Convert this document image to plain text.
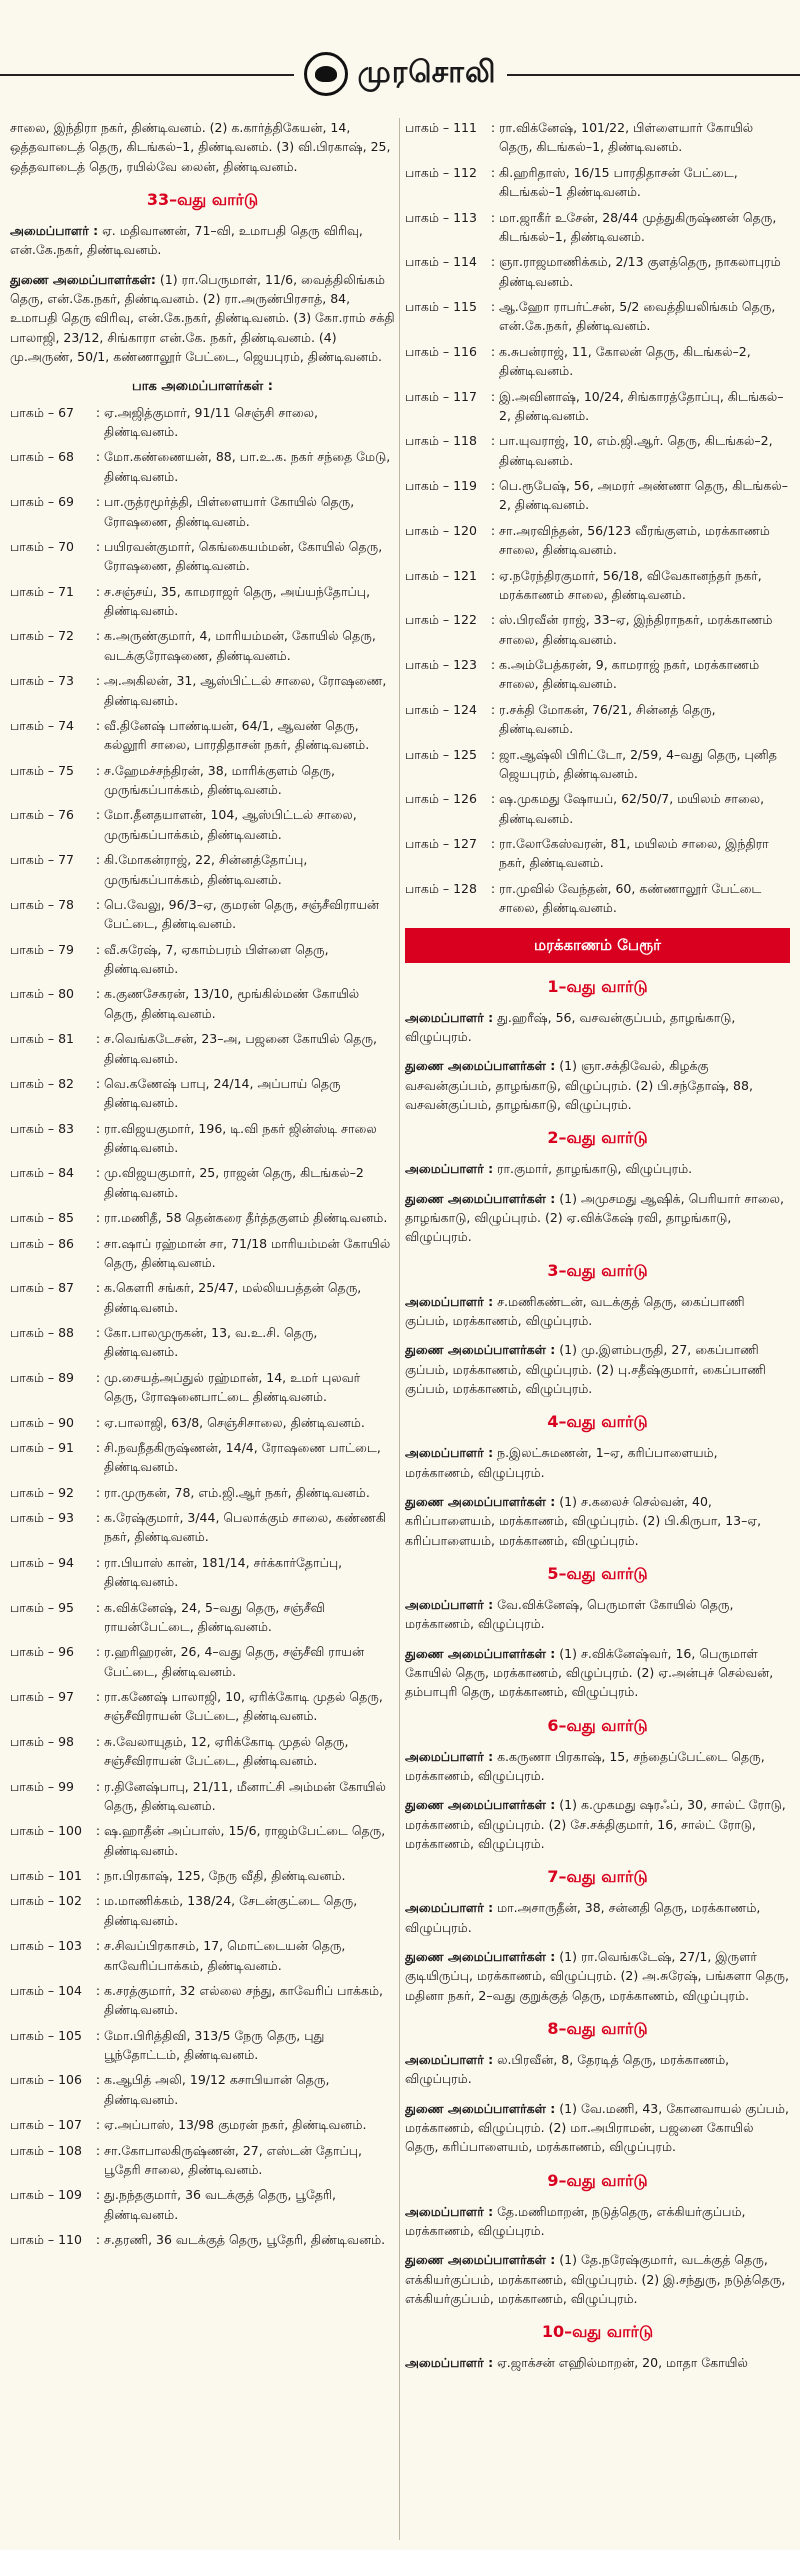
முரசொலி

சாலை, இந்திரா நகர், திண்டிவனம். (2) க.கார்த்திகேயன், 14, ஒத்தவாடைத் தெரு, கிடங்கல்–1, திண்டிவனம். (3) வி.பிரகாஷ், 25, ஒத்தவாடைத் தெரு, ரயில்வே லைன், திண்டிவனம்.

33–வது வார்டு

அமைப்பாளர் : ஏ. மதிவாணன், 71–வி, உமாபதி தெரு விரிவு, என்.கே.நகர், திண்டிவனம்.

துணை அமைப்பாளர்கள்: (1) ரா.பெருமாள், 11/6, வைத்திலிங்கம் தெரு, என்.கே.நகர், திண்டிவனம். (2) ரா.அருண்பிரசாத், 84, உமாபதி தெரு விரிவு, என்.கே.நகர், திண்டிவனம். (3) கோ.ராம் சக்தி பாலாஜி, 23/12, சிங்காரா என்.கே. நகர், திண்டிவனம். (4) மு.அருண், 50/1, கண்ணாலூர் பேட்டை, ஜெயபுரம், திண்டிவனம்.

பாக அமைப்பாளர்கள் :
பாகம் – 67	: ஏ.அஜித்குமார், 91/11 செஞ்சி சாலை, திண்டிவனம்.
பாகம் – 68	: மோ.கண்ணையன், 88, பா.உ.க. நகர் சந்தை மேடு, திண்டிவனம்.
பாகம் – 69	: பா.ருத்ரமூர்த்தி, பிள்ளையார் கோயில் தெரு, ரோஷணை, திண்டிவனம்.
பாகம் – 70	: பயிரவன்குமார், கெங்கையம்மன், கோயில் தெரு, ரோஷணை, திண்டிவனம்.
பாகம் – 71	: ச.சஞ்சய், 35, காமராஜர் தெரு, அய்யந்தோப்பு, திண்டிவனம்.
பாகம் – 72	: க.அருண்குமார், 4, மாரியம்மன், கோயில் தெரு, வடக்குரோஷணை, திண்டிவனம்.
பாகம் – 73	: அ.அகிலன், 31, ஆஸ்பிட்டல் சாலை, ரோஷணை, திண்டிவனம்.
பாகம் – 74	: வீ.தினேஷ் பாண்டியன், 64/1, ஆவண் தெரு, கல்லூரி சாலை, பாரதிதாசன் நகர், திண்டிவனம்.
பாகம் – 75	: ச.ஹேமச்சந்திரன், 38, மாரிக்குளம் தெரு, முருங்கப்பாக்கம், திண்டிவனம்.
பாகம் – 76	: மோ.தீனதயாளன், 104, ஆஸ்பிட்டல் சாலை, முருங்கப்பாக்கம், திண்டிவனம்.
பாகம் – 77	: கி.மோகன்ராஜ், 22, சின்னத்தோப்பு, முருங்கப்பாக்கம், திண்டிவனம்.
பாகம் – 78	: பெ.வேலு, 96/3–ஏ, குமரன் தெரு, சஞ்சீவிராயன் பேட்டை, திண்டிவனம்.
பாகம் – 79	: வீ.சுரேஷ், 7, ஏகாம்பரம் பிள்ளை தெரு, திண்டிவனம்.
பாகம் – 80	: க.குணசேகரன், 13/10, மூங்கில்மண் கோயில் தெரு, திண்டிவனம்.
பாகம் – 81	: ச.வெங்கடேசன், 23–அ, பஜனை கோயில் தெரு, திண்டிவனம்.
பாகம் – 82	: வெ.கணேஷ் பாபு, 24/14, அப்பாய் தெரு திண்டிவனம்.
பாகம் – 83	: ரா.விஜயகுமார், 196, டி.வி நகர் ஜின்ஸ்டி சாலை திண்டிவனம்.
பாகம் – 84	: மு.விஜயகுமார், 25, ராஜன் தெரு, கிடங்கல்–2 திண்டிவனம்.
பாகம் – 85	: ரா.மணிதீ, 58 தென்கரை தீர்த்தகுளம் திண்டிவனம்.
பாகம் – 86	: சா.ஷாப் ரஹ்மான் சா, 71/18 மாரியம்மன் கோயில் தெரு, திண்டிவனம்.
பாகம் – 87	: க.கௌரி சங்கர், 25/47, மல்லியபத்தன் தெரு, திண்டிவனம்.
பாகம் – 88	: கோ.பாலமுருகன், 13, வ.உ.சி. தெரு, திண்டிவனம்.
பாகம் – 89	: மு.சையத்அப்துல் ரஹ்மான், 14, உமர் புலவர் தெரு, ரோஷனைபாட்டை திண்டிவனம்.
பாகம் – 90	: ஏ.பாலாஜி, 63/8, செஞ்சிசாலை, திண்டிவனம்.
பாகம் – 91	: சி.நவநீதகிருஷ்ணன், 14/4, ரோஷணை பாட்டை, திண்டிவனம்.
பாகம் – 92	: ரா.முருகன், 78, எம்.ஜி.ஆர் நகர், திண்டிவனம்.
பாகம் – 93	: க.ரேஷ்குமார், 3/44, பெலாக்கும் சாலை, கண்ணகி நகர், திண்டிவனம்.
பாகம் – 94	: ரா.பியாஸ் கான், 181/14, சர்க்கார்தோப்பு, திண்டிவனம்.
பாகம் – 95	: க.விக்னேஷ், 24, 5–வது தெரு, சஞ்சீவி ராயன்பேட்டை, திண்டிவனம்.
பாகம் – 96	: ர.ஹரிஹரன், 26, 4–வது தெரு, சஞ்சீவி ராயன் பேட்டை, திண்டிவனம்.
பாகம் – 97	: ரா.கணேஷ் பாலாஜி, 10, ஏரிக்கோடி முதல் தெரு, சஞ்சீவிராயன் பேட்டை, திண்டிவனம்.
பாகம் – 98	: சு.வேலாயுதம், 12, ஏரிக்கோடி முதல் தெரு, சஞ்சீவிராயன் பேட்டை, திண்டிவனம்.
பாகம் – 99	: ர.தினேஷ்பாபு, 21/11, மீனாட்சி அம்மன் கோயில் தெரு, திண்டிவனம்.
பாகம் – 100	: ஷ.ஹாதீன் அப்பாஸ், 15/6, ராஜம்பேட்டை தெரு, திண்டிவனம்.
பாகம் – 101	: நா.பிரகாஷ், 125, நேரு வீதி, திண்டிவனம்.
பாகம் – 102	: ம.மாணிக்கம், 138/24, சேடன்குட்டை தெரு, திண்டிவனம்.
பாகம் – 103	: ச.சிவப்பிரகாசம், 17, மொட்டையன் தெரு, காவேரிப்பாக்கம், திண்டிவனம்.
பாகம் – 104	: க.சரத்குமார், 32 எல்லை சந்து, காவேரிப் பாக்கம், திண்டிவனம்.
பாகம் – 105	: மோ.பிரித்திவி, 313/5 நேரு தெரு, புது பூந்தோட்டம், திண்டிவனம்.
பாகம் – 106	: க.ஆபித் அலி, 19/12 கசாபியான் தெரு, திண்டிவனம்.
பாகம் – 107	: ஏ.அப்பாஸ், 13/98 குமரன் நகர், திண்டிவனம்.
பாகம் – 108	: சா.கோபாலகிருஷ்ணன், 27, எஸ்டன் தோப்பு, பூதேரி சாலை, திண்டிவனம்.
பாகம் – 109	: து.நந்தகுமார், 36 வடக்குத் தெரு, பூதேரி, திண்டிவனம்.
பாகம் – 110	: ச.தரணி, 36 வடக்குத் தெரு, பூதேரி, திண்டிவனம்.
பாகம் – 111	: ரா.விக்னேஷ், 101/22, பிள்ளையார் கோயில் தெரு, கிடங்கல்–1, திண்டிவனம்.
பாகம் – 112	: கி.ஹரிதாஸ், 16/15 பாரதிதாசன் பேட்டை, கிடங்கல்–1 திண்டிவனம்.
பாகம் – 113	: மா.ஜாகீர் உசேன், 28/44 முத்துகிருஷ்ணன் தெரு, கிடங்கல்–1, திண்டிவனம்.
பாகம் – 114	: ஞா.ராஜமாணிக்கம், 2/13 குளத்தெரு, நாகலாபுரம் திண்டிவனம்.
பாகம் – 115	: ஆ.ஹோ ராபர்ட்சன், 5/2 வைத்தியலிங்கம் தெரு, என்.கே.நகர், திண்டிவனம்.
பாகம் – 116	: க.சுபன்ராஜ், 11, கோலன் தெரு, கிடங்கல்–2, திண்டிவனம்.
பாகம் – 117	: இ.அவினாஷ், 10/24, சிங்காரத்தோப்பு, கிடங்கல்–2, திண்டிவனம்.
பாகம் – 118	: பா.யுவராஜ், 10, எம்.ஜி.ஆர். தெரு, கிடங்கல்–2, திண்டிவனம்.
பாகம் – 119	: பெ.ரூபேஷ், 56, அமரர் அண்ணா தெரு, கிடங்கல்–2, திண்டிவனம்.
பாகம் – 120	: சா.அரவிந்தன், 56/123 வீரங்குளம், மரக்காணம் சாலை, திண்டிவனம்.
பாகம் – 121	: ஏ.நரேந்திரகுமார், 56/18, விவேகானந்தர் நகர், மரக்காணம் சாலை, திண்டிவனம்.
பாகம் – 122	: ஸ்.பிரவீன் ராஜ், 33–ஏ, இந்திராநகர், மரக்காணம் சாலை, திண்டிவனம்.
பாகம் – 123	: க.அம்பேத்கரன், 9, காமராஜ் நகர், மரக்காணம் சாலை, திண்டிவனம்.
பாகம் – 124	: ர.சக்தி மோகன், 76/21, சின்னத் தெரு, திண்டிவனம்.
பாகம் – 125	: ஜா.ஆஷ்லி பிரிட்டோ, 2/59, 4–வது தெரு, புனித ஜெயபுரம், திண்டிவனம்.
பாகம் – 126	: ஷ.முகமது ஷோயப், 62/50/7, மயிலம் சாலை, திண்டிவனம்.
பாகம் – 127	: ரா.லோகேஸ்வரன், 81, மயிலம் சாலை, இந்திரா நகர், திண்டிவனம்.
பாகம் – 128	: ரா.முவில் வேந்தன், 60, கண்ணாலூர் பேட்டை சாலை, திண்டிவனம்.
மரக்காணம் பேரூர்
1–வது வார்டு

அமைப்பாளர் : து.ஹரீஷ், 56, வசவன்குப்பம், தாழங்காடு, விழுப்புரம்.

துணை அமைப்பாளர்கள் : (1) ஞா.சக்திவேல், கிழக்கு வசவன்குப்பம், தாழங்காடு, விழுப்புரம். (2) பி.சந்தோஷ், 88, வசவன்குப்பம், தாழங்காடு, விழுப்புரம்.

2–வது வார்டு

அமைப்பாளர் : ரா.குமார், தாழங்காடு, விழுப்புரம்.

துணை அமைப்பாளர்கள் : (1) அமுசமது ஆஷிக், பெரியார் சாலை, தாழங்காடு, விழுப்புரம். (2) ஏ.விக்கேஷ் ரவி, தாழங்காடு, விழுப்புரம்.

3–வது வார்டு

அமைப்பாளர் : ச.மணிகண்டன், வடக்குத் தெரு, கைப்பாணி குப்பம், மரக்காணம், விழுப்புரம்.

துணை அமைப்பாளர்கள் : (1) மு.இளம்பருதி, 27, கைப்பாணி குப்பம், மரக்காணம், விழுப்புரம். (2) பு.சதீஷ்குமார், கைப்பாணி குப்பம், மரக்காணம், விழுப்புரம்.

4–வது வார்டு

அமைப்பாளர் : ந.இலட்சுமணன், 1–ஏ, கரிப்பாளையம், மரக்காணம், விழுப்புரம்.

துணை அமைப்பாளர்கள் : (1) ச.கலைச் செல்வன், 40, கரிப்பாளையம், மரக்காணம், விழுப்புரம். (2) பி.கிருபா, 13–ஏ, கரிப்பாளையம், மரக்காணம், விழுப்புரம்.

5–வது வார்டு

அமைப்பாளர் : வே.விக்னேஷ், பெருமாள் கோயில் தெரு, மரக்காணம், விழுப்புரம்.

துணை அமைப்பாளர்கள் : (1) ச.விக்னேஷ்வர், 16, பெருமாள் கோயில் தெரு, மரக்காணம், விழுப்புரம். (2) ஏ.அன்புச் செல்வன், தம்பாபுரி தெரு, மரக்காணம், விழுப்புரம்.

6–வது வார்டு

அமைப்பாளர் : க.கருணா பிரகாஷ், 15, சந்தைப்பேட்டை தெரு, மரக்காணம், விழுப்புரம்.

துணை அமைப்பாளர்கள் : (1) க.முகமது ஷரஃப், 30, சால்ட் ரோடு, மரக்காணம், விழுப்புரம். (2) சே.சக்திகுமார், 16, சால்ட் ரோடு, மரக்காணம், விழுப்புரம்.

7–வது வார்டு

அமைப்பாளர் : மா.அசாருதீன், 38, சன்னதி தெரு, மரக்காணம், விழுப்புரம்.

துணை அமைப்பாளர்கள் : (1) ரா.வெங்கடேஷ், 27/1, இருளர் குடியிருப்பு, மரக்காணம், விழுப்புரம். (2) அ.சுரேஷ், பங்களா தெரு, மதினா நகர், 2–வது குறுக்குத் தெரு, மரக்காணம், விழுப்புரம்.

8–வது வார்டு

அமைப்பாளர் : ல.பிரவீன், 8, தேரடித் தெரு, மரக்காணம், விழுப்புரம்.

துணை அமைப்பாளர்கள் : (1) வே.மணி, 43, கோனவாயல் குப்பம், மரக்காணம், விழுப்புரம். (2) மா.அபிராமன், பஜனை கோயில் தெரு, கரிப்பாளையம், மரக்காணம், விழுப்புரம்.

9–வது வார்டு

அமைப்பாளர் : தே.மணிமாறன், நடுத்தெரு, எக்கியர்குப்பம், மரக்காணம், விழுப்புரம்.

துணை அமைப்பாளர்கள் : (1) தே.நரேஷ்குமார், வடக்குத் தெரு, எக்கியர்குப்பம், மரக்காணம், விழுப்புரம். (2) இ.சந்துரு, நடுத்தெரு, எக்கியர்குப்பம், மரக்காணம், விழுப்புரம்.

10–வது வார்டு

அமைப்பாளர் : ஏ.ஜாக்சன் எஹில்மாறன், 20, மாதா கோயில்
